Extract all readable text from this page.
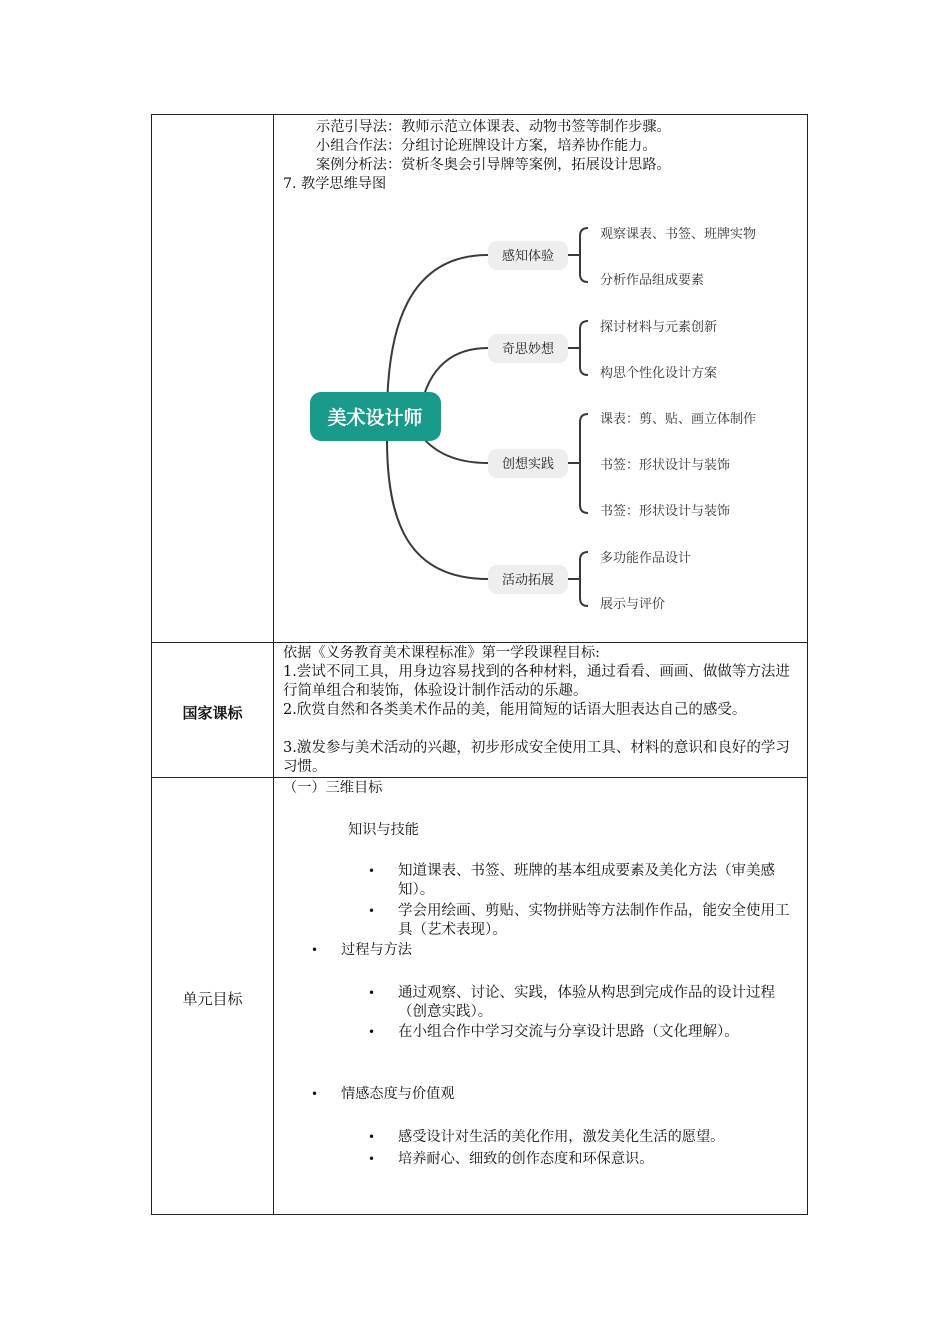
示范引导法：教师示范立体课表、动物书签等制作步骤。
小组合作法：分组讨论班牌设计方案，培养协作能力。
案例分析法：赏析冬奥会引导牌等案例，拓展设计思路。
7. 教学思维导图
美术设计师
感知体验
观察课表、书签、班牌实物
分析作品组成要素
奇思妙想
探讨材料与元素创新
构思个性化设计方案
创想实践
课表：剪、贴、画立体制作
书签：形状设计与装饰
书签：形状设计与装饰
活动拓展
多功能作品设计
展示与评价
国家课标
依据《义务教育美术课程标准》第一学段课程目标:
1.尝试不同工具，用身边容易找到的各种材料，通过看看、画画、做做等方法进行简单组合和装饰，体验设计制作活动的乐趣。
2.欣赏自然和各类美术作品的美，能用简短的话语大胆表达自己的感受。
3.激发参与美术活动的兴趣，初步形成安全使用工具、材料的意识和良好的学习习惯。
单元目标
（一）三维目标
知识与技能
• 知道课表、书签、班牌的基本组成要素及美化方法（审美感知）。
• 学会用绘画、剪贴、实物拼贴等方法制作作品，能安全使用工具（艺术表现）。
• 过程与方法
• 通过观察、讨论、实践，体验从构思到完成作品的设计过程（创意实践）。
• 在小组合作中学习交流与分享设计思路（文化理解）。
• 情感态度与价值观
• 感受设计对生活的美化作用，激发美化生活的愿望。
• 培养耐心、细致的创作态度和环保意识。
